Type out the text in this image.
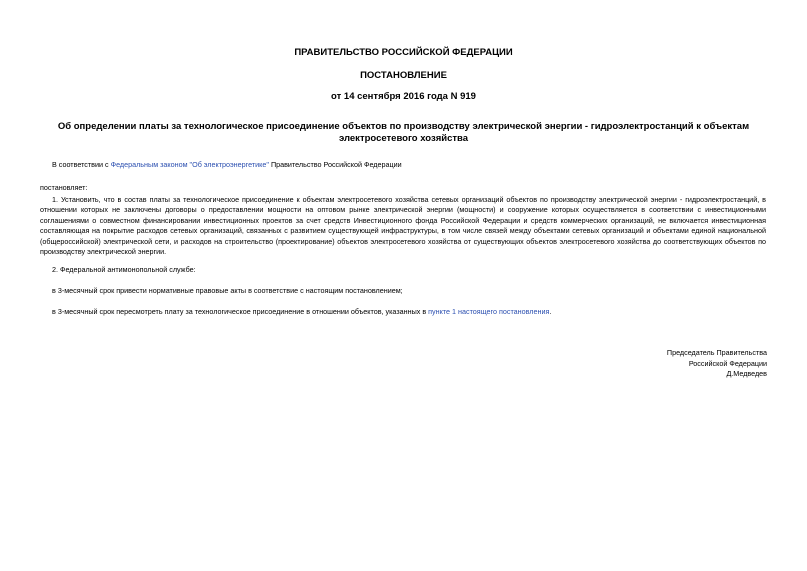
ПРАВИТЕЛЬСТВО РОССИЙСКОЙ ФЕДЕРАЦИИ
ПОСТАНОВЛЕНИЕ
от 14 сентября 2016 года N 919
Об определении платы за технологическое присоединение объектов по производству электрической энергии - гидроэлектростанций к объектам электросетевого хозяйства
В соответствии с Федеральным законом "Об электроэнергетике" Правительство Российской Федерации
постановляет:
1. Установить, что в состав платы за технологическое присоединение к объектам электросетевого хозяйства сетевых организаций объектов по производству электрической энергии - гидроэлектростанций, в отношении которых не заключены договоры о предоставлении мощности на оптовом рынке электрической энергии (мощности) и сооружение которых осуществляется в соответствии с инвестиционными соглашениями о совместном финансировании инвестиционных проектов за счет средств Инвестиционного фонда Российской Федерации и средств коммерческих организаций, не включается инвестиционная составляющая на покрытие расходов сетевых организаций, связанных с развитием существующей инфраструктуры, в том числе связей между объектами сетевых организаций и объектами единой национальной (общероссийской) электрической сети, и расходов на строительство (проектирование) объектов электросетевого хозяйства от существующих объектов электросетевого хозяйства до соответствующих объектов по производству электрической энергии.
2. Федеральной антимонопольной службе:
в 3-месячный срок привести нормативные правовые акты в соответствие с настоящим постановлением;
в 3-месячный срок пересмотреть плату за технологическое присоединение в отношении объектов, указанных в пункте 1 настоящего постановления.
Председатель Правительства
Российской Федерации
Д.Медведев
